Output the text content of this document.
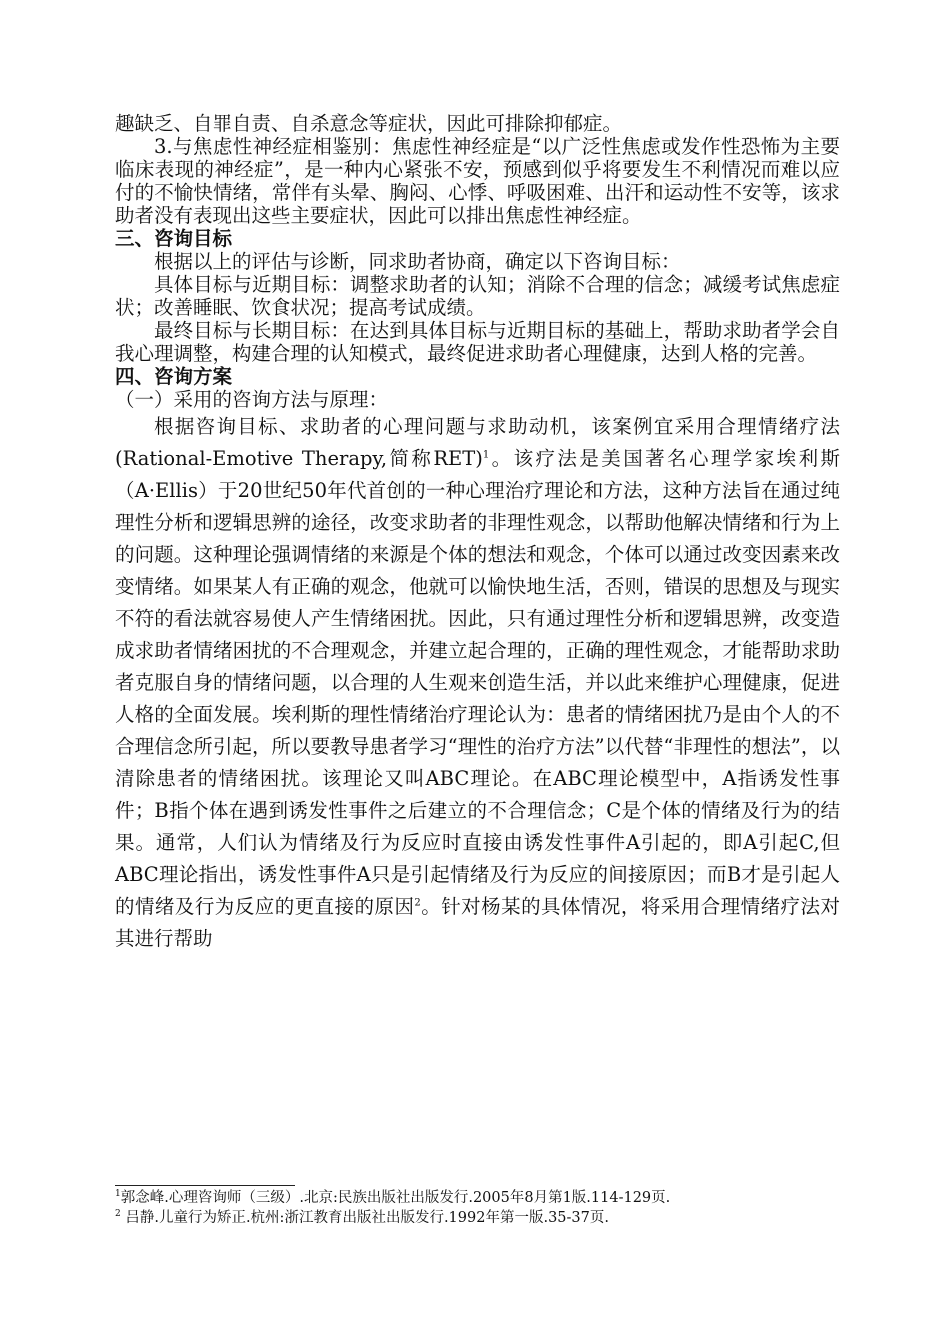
趣缺乏、自罪自责、自杀意念等症状，因此可排除抑郁症。

3.与焦虑性神经症相鉴别：焦虑性神经症是“以广泛性焦虑或发作性恐怖为主要临床表现的神经症”，是一种内心紧张不安，预感到似乎将要发生不利情况而难以应付的不愉快情绪，常伴有头晕、胸闷、心悸、呼吸困难、出汗和运动性不安等，该求助者没有表现出这些主要症状，因此可以排出焦虑性神经症。

三、咨询目标

根据以上的评估与诊断，同求助者协商，确定以下咨询目标：

具体目标与近期目标：调整求助者的认知；消除不合理的信念；减缓考试焦虑症状；改善睡眠、饮食状况；提高考试成绩。

最终目标与长期目标：在达到具体目标与近期目标的基础上，帮助求助者学会自我心理调整，构建合理的认知模式，最终促进求助者心理健康，达到人格的完善。

四、咨询方案

（一）采用的咨询方法与原理：

根据咨询目标、求助者的心理问题与求助动机，该案例宜采用合理情绪疗法(Rational-Emotive Therapy,简称RET)$^1$。该疗法是美国著名心理学家埃利斯（A·Ellis）于20世纪50年代首创的一种心理治疗理论和方法，这种方法旨在通过纯理性分析和逻辑思辨的途径，改变求助者的非理性观念，以帮助他解决情绪和行为上的问题。这种理论强调情绪的来源是个体的想法和观念，个体可以通过改变因素来改变情绪。如果某人有正确的观念，他就可以愉快地生活，否则，错误的思想及与现实不符的看法就容易使人产生情绪困扰。因此，只有通过理性分析和逻辑思辨，改变造成求助者情绪困扰的不合理观念，并建立起合理的，正确的理性观念，才能帮助求助者克服自身的情绪问题，以合理的人生观来创造生活，并以此来维护心理健康，促进人格的全面发展。埃利斯的理性情绪治疗理论认为：患者的情绪困扰乃是由个人的不合理信念所引起，所以要教导患者学习“理性的治疗方法”以代替“非理性的想法”，以清除患者的情绪困扰。该理论又叫ABC理论。在ABC理论模型中，A指诱发性事件；B指个体在遇到诱发性事件之后建立的不合理信念；C是个体的情绪及行为的结果。通常，人们认为情绪及行为反应时直接由诱发性事件A引起的，即A引起C,但ABC理论指出，诱发性事件A只是引起情绪及行为反应的间接原因；而B才是引起人的情绪及行为反应的更直接的原因$^2$。针对杨某的具体情况，将采用合理情绪疗法对其进行帮助

$^1$郭念峰.心理咨询师（三级）.北京:民族出版社出版发行.2005年8月第1版.114-129页.

$^2$ 吕静.儿童行为矫正.杭州:浙江教育出版社出版发行.1992年第一版.35-37页.
